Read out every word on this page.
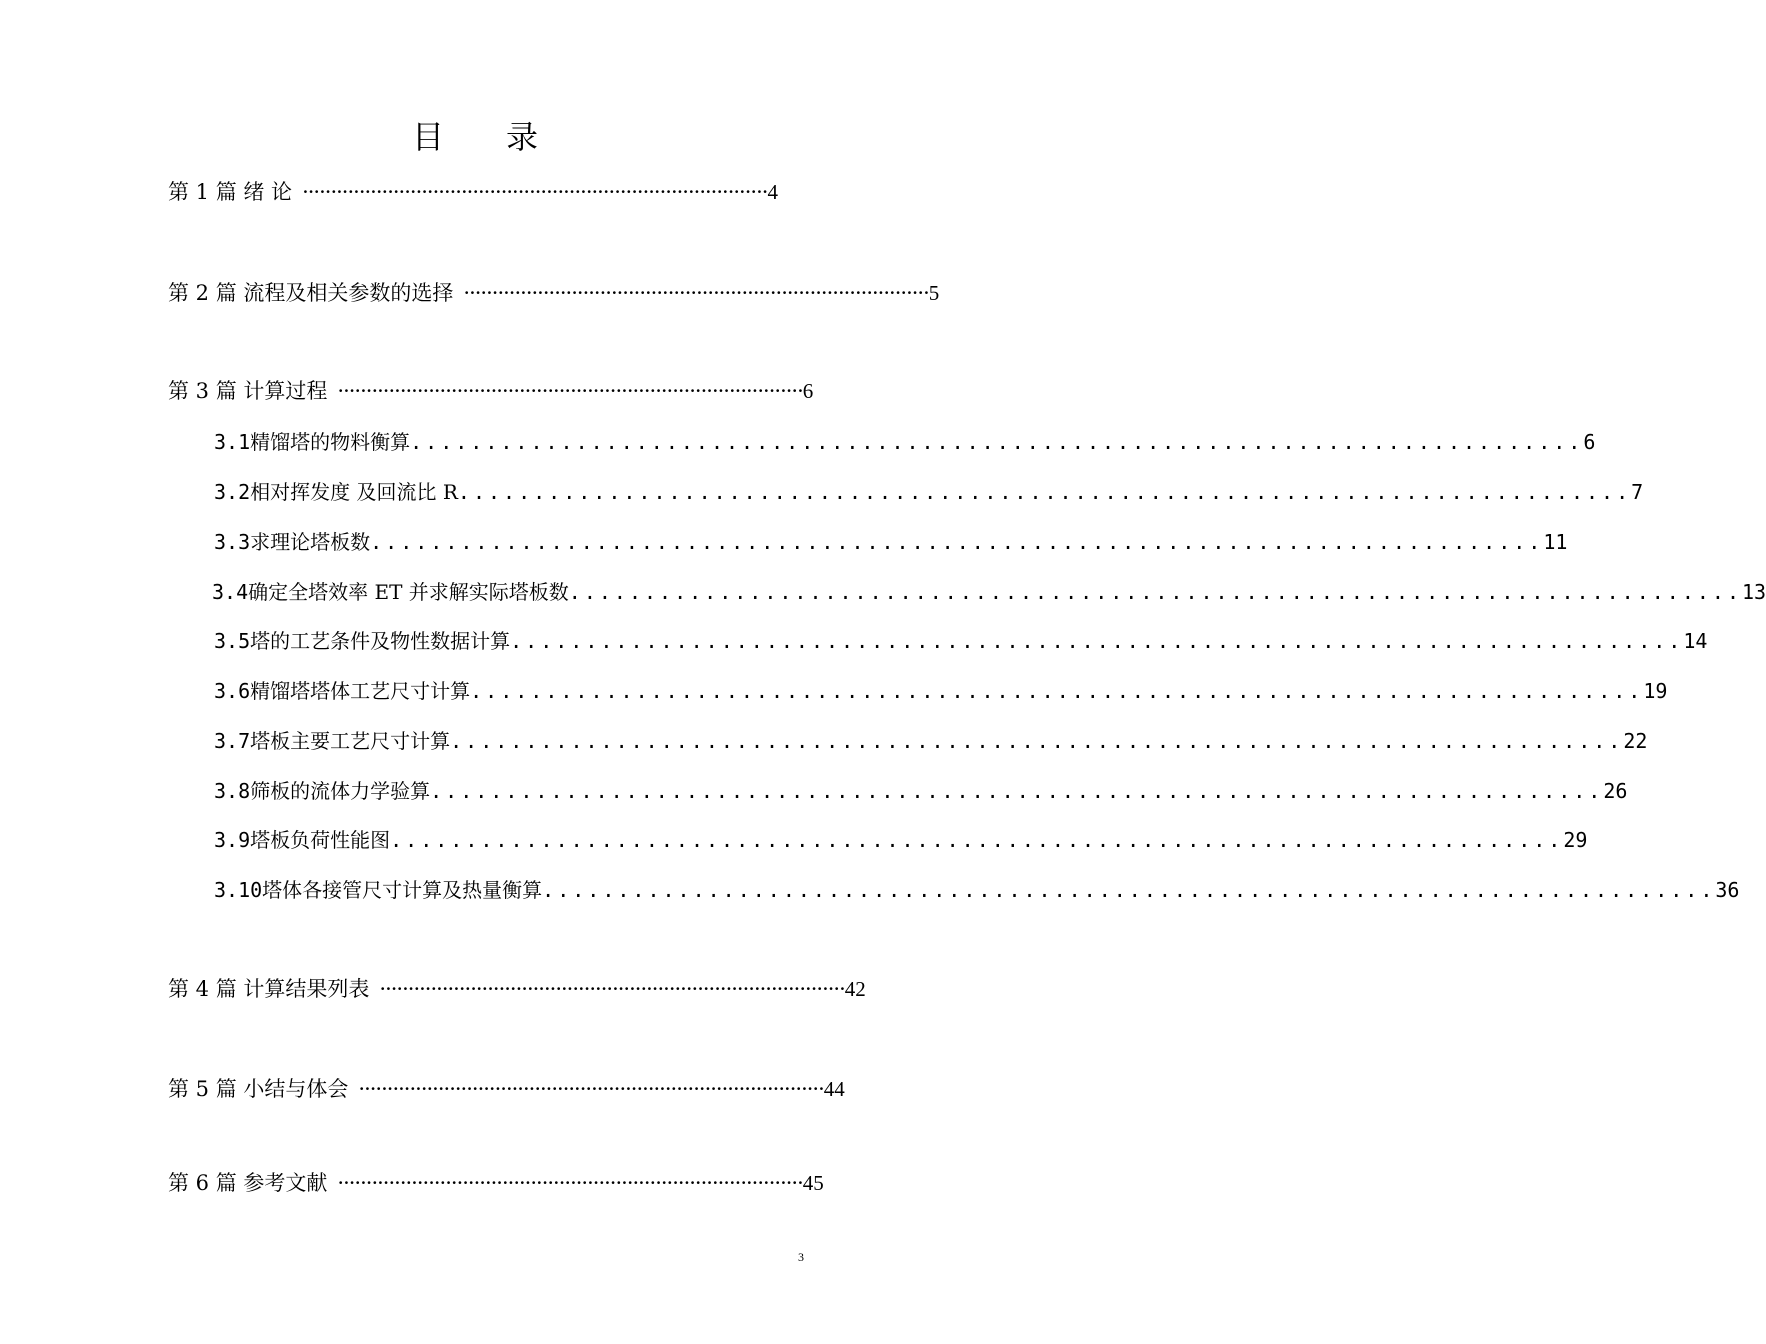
目 录
第 1 篇 绪 论 ·················································································· 4
第 2 篇 流程及相关参数的选择 ·················································································· 5
第 3 篇 计算过程 ·················································································· 6
3.1 精馏塔的物料衡算 .............................................................................. 6
3.2 相对挥发度 及回流比 R .............................................................................. 7
3.3 求理论塔板数 .............................................................................. 11
3.4 确定全塔效率 ET 并求解实际塔板数 .............................................................................. 13
3.5 塔的工艺条件及物性数据计算 .............................................................................. 14
3.6 精馏塔塔体工艺尺寸计算 .............................................................................. 19
3.7 塔板主要工艺尺寸计算 .............................................................................. 22
3.8 筛板的流体力学验算 .............................................................................. 26
3.9 塔板负荷性能图 .............................................................................. 29
3.10 塔体各接管尺寸计算及热量衡算 .............................................................................. 36
第 4 篇 计算结果列表 ·················································································· 42
第 5 篇 小结与体会 ·················································································· 44
第 6 篇 参考文献 ·················································································· 45
3
